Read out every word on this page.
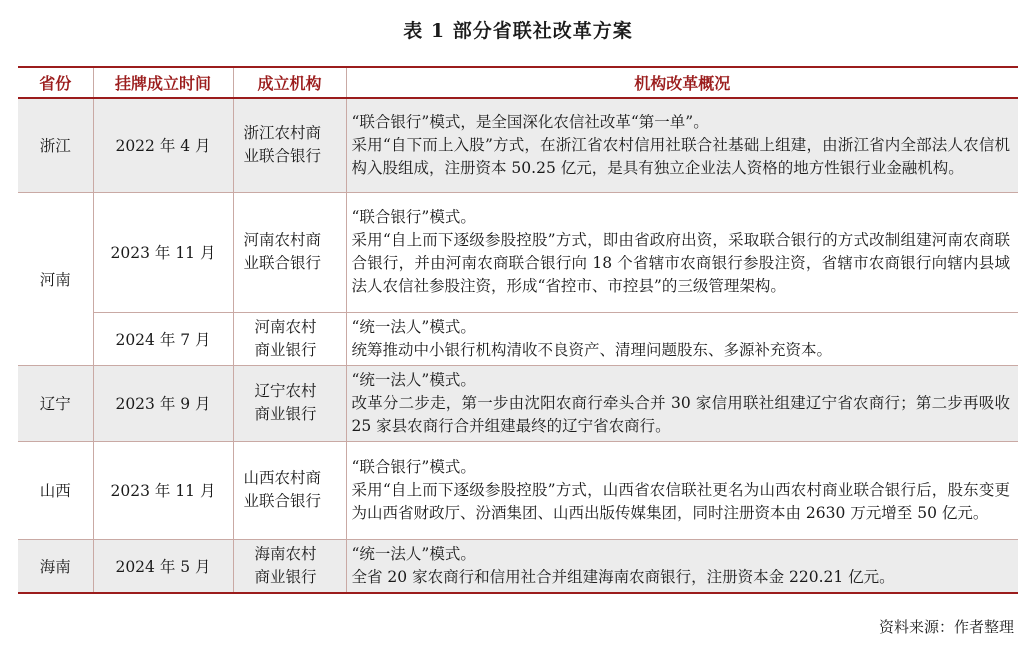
表 1 部分省联社改革方案
省份	挂牌成立时间	成立机构	机构改革概况
浙江	2022 年 4 月	浙江农村商业联合银行	“联合银行”模式，是全国深化农信社改革“第一单”。
采用“自下而上入股”方式，在浙江省农村信用社联合社基础上组建，由浙江省内全部法人农信机构入股组成，注册资本 50.25 亿元，是具有独立企业法人资格的地方性银行业金融机构。

河南	2023 年 11 月	河南农村商业联合银行	“联合银行”模式。
采用“自上而下逐级参股控股”方式，即由省政府出资，采取联合银行的方式改制组建河南农商联合银行，并由河南农商联合银行向 18 个省辖市农商银行参股注资，省辖市农商银行向辖内县域法人农信社参股注资，形成“省控市、市控县”的三级管理架构。

	2024 年 7 月	河南农村商业银行	“统一法人”模式。
统筹推动中小银行机构清收不良资产、清理问题股东、多源补充资本。

辽宁	2023 年 9 月	辽宁农村商业银行	“统一法人”模式。
改革分二步走，第一步由沈阳农商行牵头合并 30 家信用联社组建辽宁省农商行；第二步再吸收 25 家县农商行合并组建最终的辽宁省农商行。

山西	2023 年 11 月	山西农村商业联合银行	“联合银行”模式。
采用“自上而下逐级参股控股”方式，山西省农信联社更名为山西农村商业联合银行后，股东变更为山西省财政厅、汾酒集团、山西出版传媒集团，同时注册资本由 2630 万元增至 50 亿元。

海南	2024 年 5 月	海南农村商业银行	“统一法人”模式。
全省 20 家农商行和信用社合并组建海南农商银行，注册资本金 220.21 亿元。
资料来源：作者整理
